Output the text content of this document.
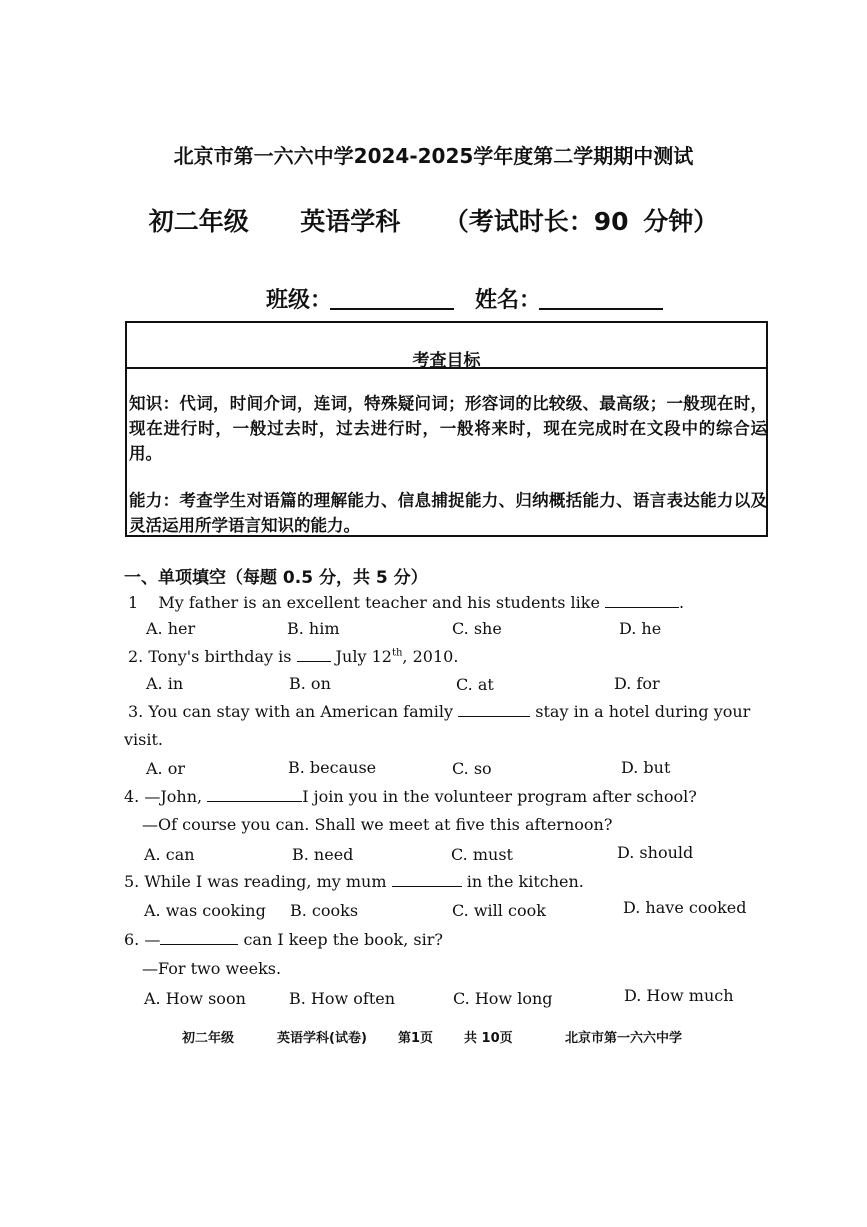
北京市第一六六中学2024-2025学年度第二学期期中测试
初二年级 英语学科 （考试时长：90 分钟）
班级：	姓名：
考查目标
知识：代词，时间介词，连词，特殊疑问词；形容词的比较级、最高级；一般现在时，现在进行时，一般过去时，过去进行时，一般将来时，现在完成时在文段中的综合运用。
能力：考查学生对语篇的理解能力、信息捕捉能力、归纳概括能力、语言表达能力以及灵活运用所学语言知识的能力。
一、单项填空（每题 0.5 分，共 5 分）
1 My father is an excellent teacher and his students like	.
A. her	B. him	C. she	D. he
2. Tony's birthday is	July 12th, 2010.
A. in	B. on	C. at	D. for
3. You can stay with an American family	stay in a hotel during your
visit.
A. or	B. because	C. so	D. but
4. —John,	I join you in the volunteer program after school?
—Of course you can. Shall we meet at five this afternoon?
A. can	B. need	C. must	D. should
5. While I was reading, my mum	in the kitchen.
A. was cooking B. cooks	C. will cook	D. have cooked
6. —	can I keep the book, sir?
—For two weeks.
A. How soon	B. How often	C. How long	D. How much
初二年级	英语学科(试卷) 第1页 共 10页	北京市第一六六中学
